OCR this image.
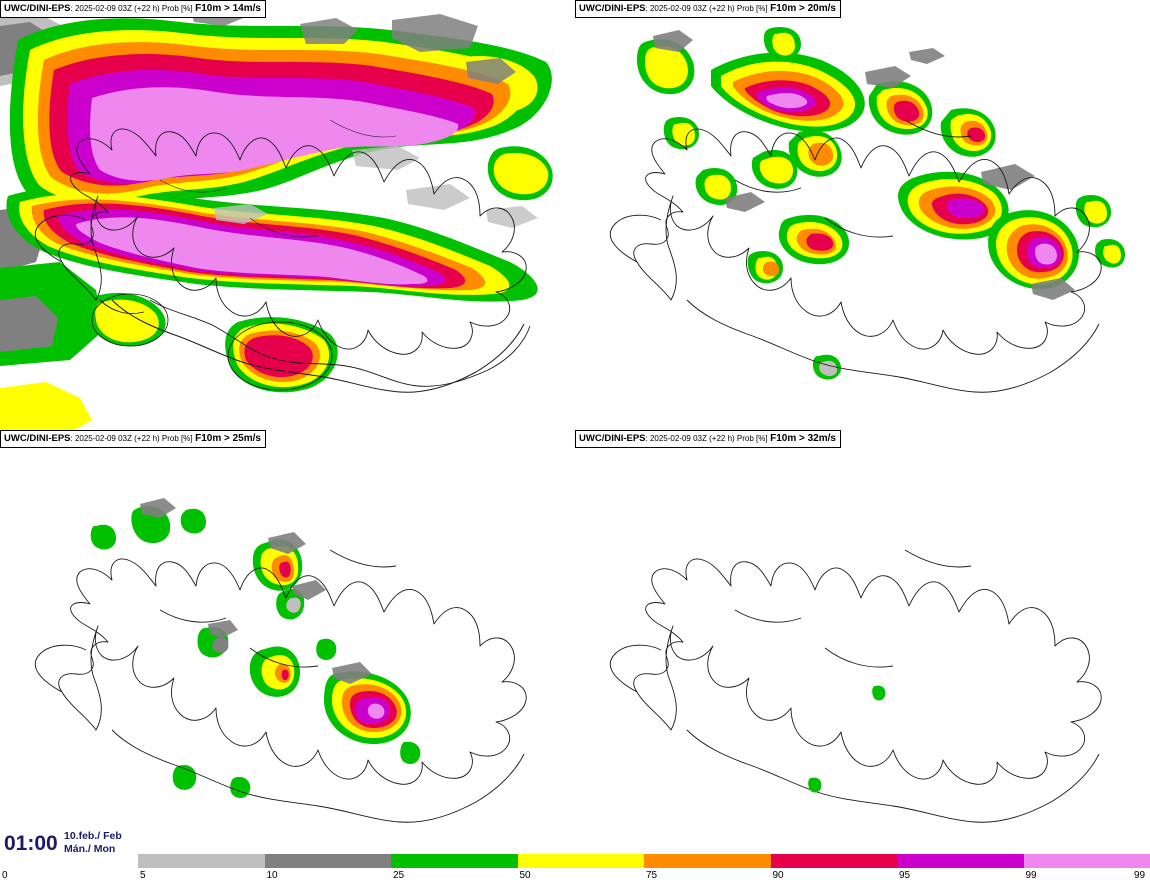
UWC/DINI-EPS: 2025-02-09 03Z (+22 h) Prob [%] F10m > 14m/s	UWC/DINI-EPS: 2025-02-09 03Z (+22 h) Prob [%] F10m > 20m/s
UWC/DINI-EPS: 2025-02-09 03Z (+22 h) Prob [%] F10m > 25m/s	UWC/DINI-EPS: 2025-02-09 03Z (+22 h) Prob [%] F10m > 32m/s
01:00 10.feb./ Feb
Mán./ Mon
0	5	10	25	50	75	90	95	99	99
